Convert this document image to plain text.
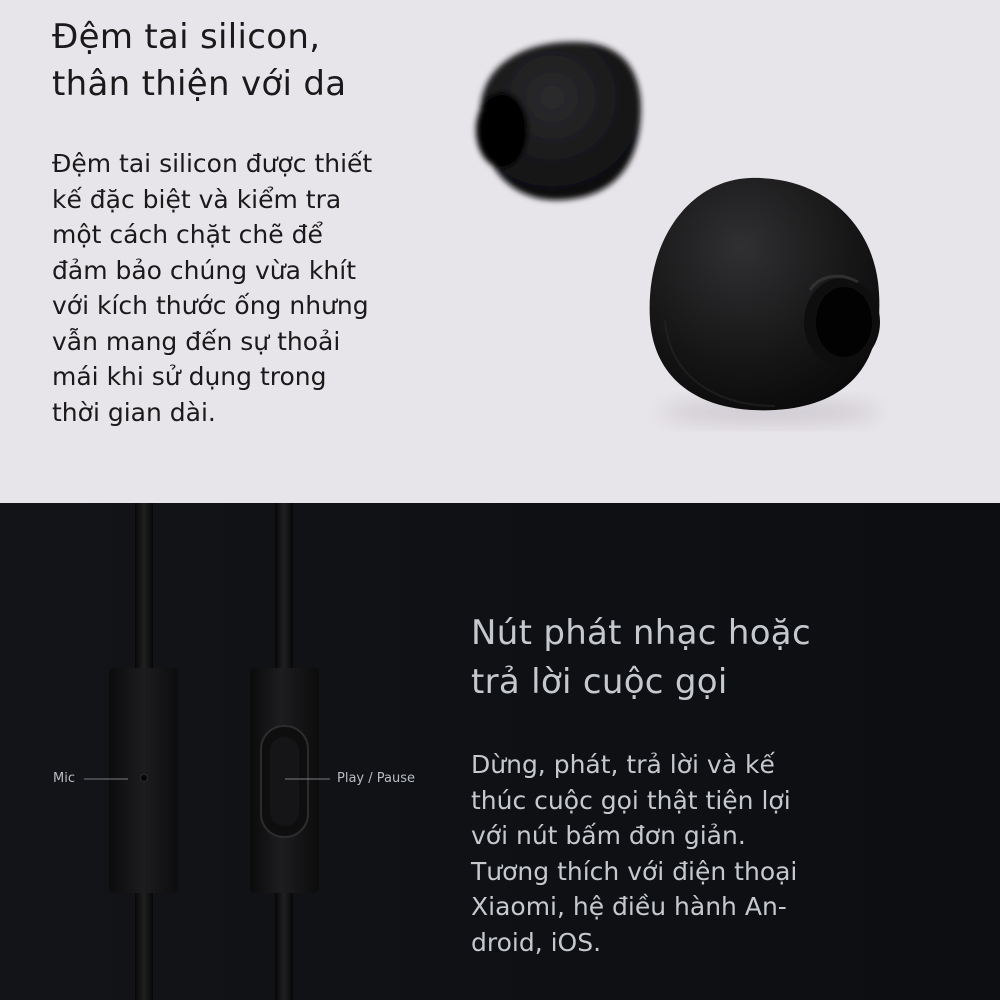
Đệm tai silicon,
thân thiện với da

Đệm tai silicon được thiết
kế đặc biệt và kiểm tra
một cách chặt chẽ để
đảm bảo chúng vừa khít
với kích thước ống nhưng
vẫn mang đến sự thoải
mái khi sử dụng trong
thời gian dài.

Mic	Play / Pause
Nút phát nhạc hoặc
trả lời cuộc gọi

Dừng, phát, trả lời và kế
thúc cuộc gọi thật tiện lợi
với nút bấm đơn giản.
Tương thích với điện thoại
Xiaomi, hệ điều hành An-
droid, iOS.
